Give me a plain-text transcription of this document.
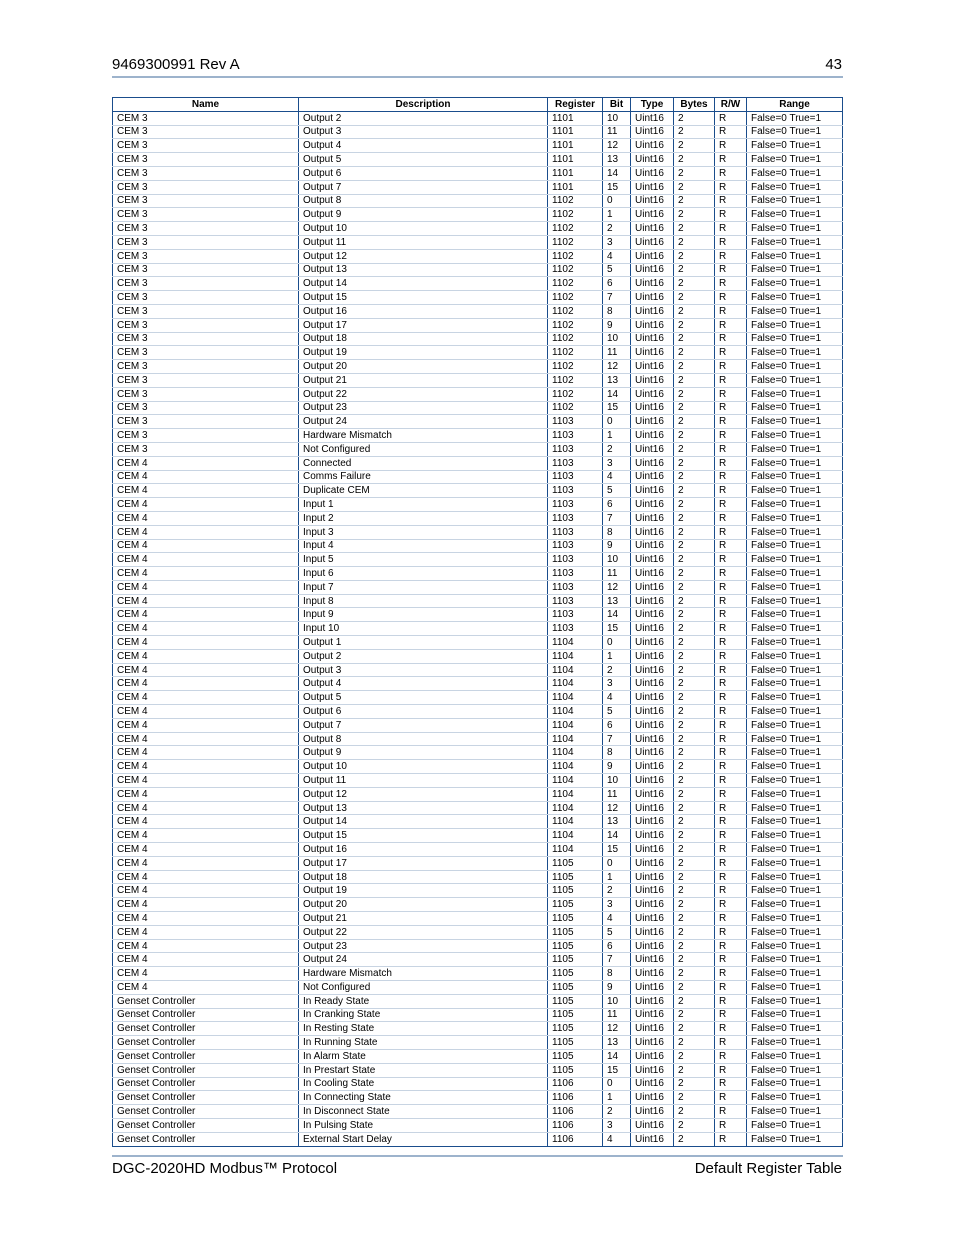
9469300991 Rev A	43
Name	Description	Register	Bit	Type	Bytes	R/W	Range
CEM 3	Output 2	1101	10	Uint16	2	R	False=0 True=1
CEM 3	Output 3	1101	11	Uint16	2	R	False=0 True=1
CEM 3	Output 4	1101	12	Uint16	2	R	False=0 True=1
CEM 3	Output 5	1101	13	Uint16	2	R	False=0 True=1
CEM 3	Output 6	1101	14	Uint16	2	R	False=0 True=1
CEM 3	Output 7	1101	15	Uint16	2	R	False=0 True=1
CEM 3	Output 8	1102	0	Uint16	2	R	False=0 True=1
CEM 3	Output 9	1102	1	Uint16	2	R	False=0 True=1
CEM 3	Output 10	1102	2	Uint16	2	R	False=0 True=1
CEM 3	Output 11	1102	3	Uint16	2	R	False=0 True=1
CEM 3	Output 12	1102	4	Uint16	2	R	False=0 True=1
CEM 3	Output 13	1102	5	Uint16	2	R	False=0 True=1
CEM 3	Output 14	1102	6	Uint16	2	R	False=0 True=1
CEM 3	Output 15	1102	7	Uint16	2	R	False=0 True=1
CEM 3	Output 16	1102	8	Uint16	2	R	False=0 True=1
CEM 3	Output 17	1102	9	Uint16	2	R	False=0 True=1
CEM 3	Output 18	1102	10	Uint16	2	R	False=0 True=1
CEM 3	Output 19	1102	11	Uint16	2	R	False=0 True=1
CEM 3	Output 20	1102	12	Uint16	2	R	False=0 True=1
CEM 3	Output 21	1102	13	Uint16	2	R	False=0 True=1
CEM 3	Output 22	1102	14	Uint16	2	R	False=0 True=1
CEM 3	Output 23	1102	15	Uint16	2	R	False=0 True=1
CEM 3	Output 24	1103	0	Uint16	2	R	False=0 True=1
CEM 3	Hardware Mismatch	1103	1	Uint16	2	R	False=0 True=1
CEM 3	Not Configured	1103	2	Uint16	2	R	False=0 True=1
CEM 4	Connected	1103	3	Uint16	2	R	False=0 True=1
CEM 4	Comms Failure	1103	4	Uint16	2	R	False=0 True=1
CEM 4	Duplicate CEM	1103	5	Uint16	2	R	False=0 True=1
CEM 4	Input 1	1103	6	Uint16	2	R	False=0 True=1
CEM 4	Input 2	1103	7	Uint16	2	R	False=0 True=1
CEM 4	Input 3	1103	8	Uint16	2	R	False=0 True=1
CEM 4	Input 4	1103	9	Uint16	2	R	False=0 True=1
CEM 4	Input 5	1103	10	Uint16	2	R	False=0 True=1
CEM 4	Input 6	1103	11	Uint16	2	R	False=0 True=1
CEM 4	Input 7	1103	12	Uint16	2	R	False=0 True=1
CEM 4	Input 8	1103	13	Uint16	2	R	False=0 True=1
CEM 4	Input 9	1103	14	Uint16	2	R	False=0 True=1
CEM 4	Input 10	1103	15	Uint16	2	R	False=0 True=1
CEM 4	Output 1	1104	0	Uint16	2	R	False=0 True=1
CEM 4	Output 2	1104	1	Uint16	2	R	False=0 True=1
CEM 4	Output 3	1104	2	Uint16	2	R	False=0 True=1
CEM 4	Output 4	1104	3	Uint16	2	R	False=0 True=1
CEM 4	Output 5	1104	4	Uint16	2	R	False=0 True=1
CEM 4	Output 6	1104	5	Uint16	2	R	False=0 True=1
CEM 4	Output 7	1104	6	Uint16	2	R	False=0 True=1
CEM 4	Output 8	1104	7	Uint16	2	R	False=0 True=1
CEM 4	Output 9	1104	8	Uint16	2	R	False=0 True=1
CEM 4	Output 10	1104	9	Uint16	2	R	False=0 True=1
CEM 4	Output 11	1104	10	Uint16	2	R	False=0 True=1
CEM 4	Output 12	1104	11	Uint16	2	R	False=0 True=1
CEM 4	Output 13	1104	12	Uint16	2	R	False=0 True=1
CEM 4	Output 14	1104	13	Uint16	2	R	False=0 True=1
CEM 4	Output 15	1104	14	Uint16	2	R	False=0 True=1
CEM 4	Output 16	1104	15	Uint16	2	R	False=0 True=1
CEM 4	Output 17	1105	0	Uint16	2	R	False=0 True=1
CEM 4	Output 18	1105	1	Uint16	2	R	False=0 True=1
CEM 4	Output 19	1105	2	Uint16	2	R	False=0 True=1
CEM 4	Output 20	1105	3	Uint16	2	R	False=0 True=1
CEM 4	Output 21	1105	4	Uint16	2	R	False=0 True=1
CEM 4	Output 22	1105	5	Uint16	2	R	False=0 True=1
CEM 4	Output 23	1105	6	Uint16	2	R	False=0 True=1
CEM 4	Output 24	1105	7	Uint16	2	R	False=0 True=1
CEM 4	Hardware Mismatch	1105	8	Uint16	2	R	False=0 True=1
CEM 4	Not Configured	1105	9	Uint16	2	R	False=0 True=1
Genset Controller	In Ready State	1105	10	Uint16	2	R	False=0 True=1
Genset Controller	In Cranking State	1105	11	Uint16	2	R	False=0 True=1
Genset Controller	In Resting State	1105	12	Uint16	2	R	False=0 True=1
Genset Controller	In Running State	1105	13	Uint16	2	R	False=0 True=1
Genset Controller	In Alarm State	1105	14	Uint16	2	R	False=0 True=1
Genset Controller	In Prestart State	1105	15	Uint16	2	R	False=0 True=1
Genset Controller	In Cooling State	1106	0	Uint16	2	R	False=0 True=1
Genset Controller	In Connecting State	1106	1	Uint16	2	R	False=0 True=1
Genset Controller	In Disconnect State	1106	2	Uint16	2	R	False=0 True=1
Genset Controller	In Pulsing State	1106	3	Uint16	2	R	False=0 True=1
Genset Controller	External Start Delay	1106	4	Uint16	2	R	False=0 True=1
DGC-2020HD Modbus™ Protocol	Default Register Table
